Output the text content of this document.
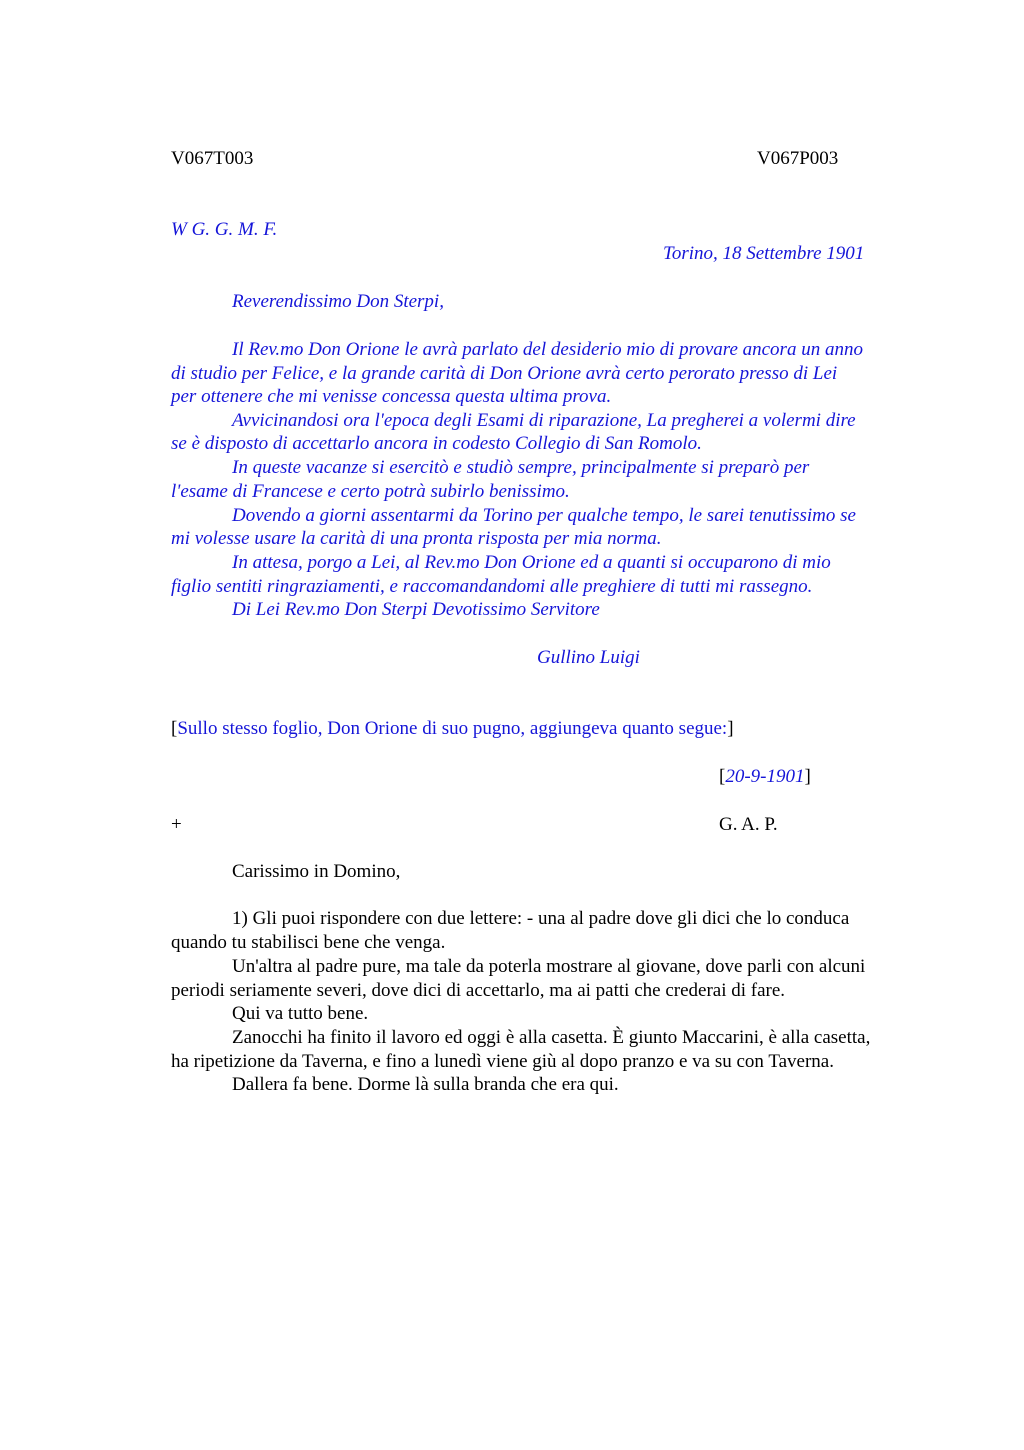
V067T003	V067P003
W G. G. M. F.
Torino, 18 Settembre 1901
Reverendissimo Don Sterpi,
Il Rev.mo Don Orione le avrà parlato del desiderio mio di provare ancora un anno
di studio per Felice, e la grande carità di Don Orione avrà certo perorato presso di Lei
per ottenere che mi venisse concessa questa ultima prova.
Avvicinandosi ora l'epoca degli Esami di riparazione, La pregherei a volermi dire
se è disposto di accettarlo ancora in codesto Collegio di San Romolo.
In queste vacanze si esercitò e studiò sempre, principalmente si preparò per
l'esame di Francese e certo potrà subirlo benissimo.
Dovendo a giorni assentarmi da Torino per qualche tempo, le sarei tenutissimo se
mi volesse usare la carità di una pronta risposta per mia norma.
In attesa, porgo a Lei, al Rev.mo Don Orione ed a quanti si occuparono di mio
figlio sentiti ringraziamenti, e raccomandandomi alle preghiere di tutti mi rassegno.
Di Lei Rev.mo Don Sterpi Devotissimo Servitore
Gullino Luigi
[Sullo stesso foglio, Don Orione di suo pugno, aggiungeva quanto segue:]
[20-9-1901]
+	G. A. P.
Carissimo in Domino,
1) Gli puoi rispondere con due lettere: - una al padre dove gli dici che lo conduca
quando tu stabilisci bene che venga.
Un'altra al padre pure, ma tale da poterla mostrare al giovane, dove parli con alcuni
periodi seriamente severi, dove dici di accettarlo, ma ai patti che crederai di fare.
Qui va tutto bene.
Zanocchi ha finito il lavoro ed oggi è alla casetta. È giunto Maccarini, è alla casetta,
ha ripetizione da Taverna, e fino a lunedì viene giù al dopo pranzo e va su con Taverna.
Dallera fa bene. Dorme là sulla branda che era qui.
